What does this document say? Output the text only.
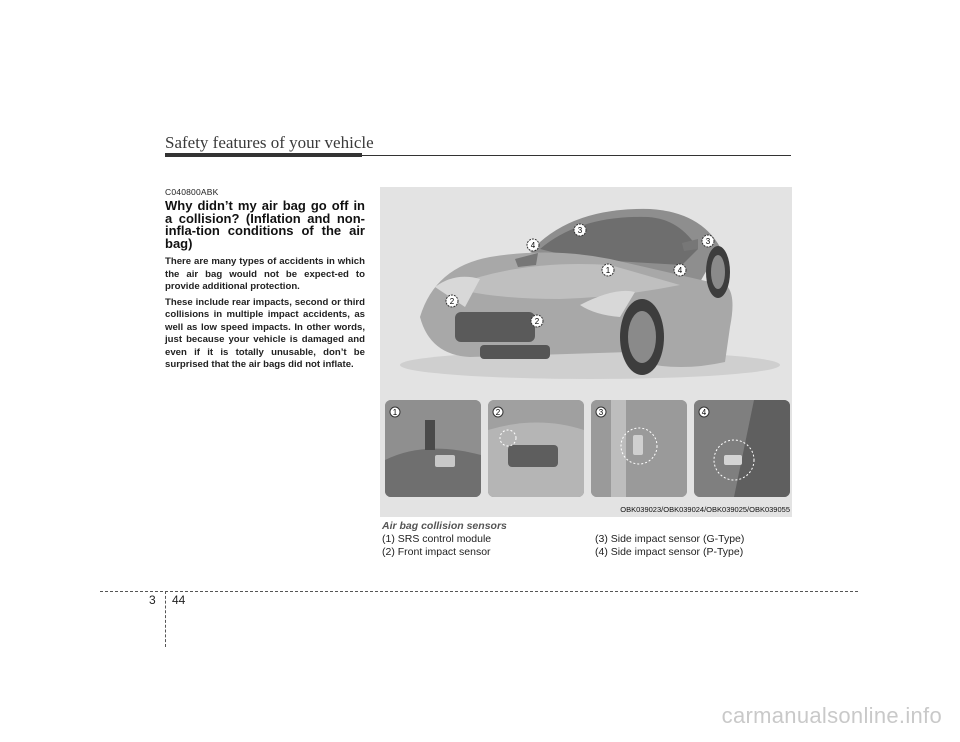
Safety features of your vehicle
C040800ABK
Why didn’t my air bag go off in a collision? (Inflation and non-infla-tion conditions of the air bag)

There are many types of accidents in which the air bag would not be expect-ed to provide additional protection.

These include rear impacts, second or third collisions in multiple impact accidents, as well as low speed impacts. In other words, just because your vehicle is damaged and even if it is totally unusable, don’t be surprised that the air bags did not inflate.

2
2
4
3
1	4
3
1	2	3	4
OBK039023/OBK039024/OBK039025/OBK039055
Air bag collision sensors
(1) SRS control module
(2) Front impact sensor
(3) Side impact sensor (G-Type)
(4) Side impact sensor (P-Type)
3 44
carmanualsonline.info
